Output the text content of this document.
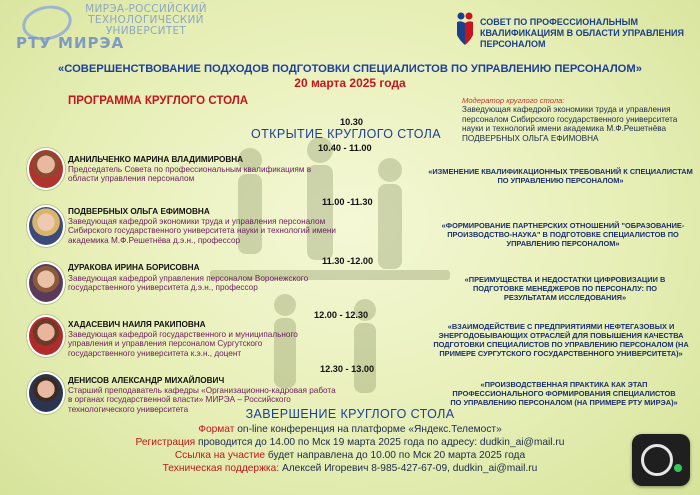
МИРЭА-РОССИЙСКИЙ ТЕХНОЛОГИЧЕСКИЙ УНИВЕРСИТЕТ
РТУ МИРЭА
СОВЕТ ПО ПРОФЕССИОНАЛЬНЫМ КВАЛИФИКАЦИЯМ В ОБЛАСТИ УПРАВЛЕНИЯ ПЕРСОНАЛОМ
«СОВЕРШЕНСТВОВАНИЕ ПОДХОДОВ ПОДГОТОВКИ СПЕЦИАЛИСТОВ ПО УПРАВЛЕНИЮ ПЕРСОНАЛОМ»
20 марта 2025 года
ПРОГРАММА КРУГЛОГО СТОЛА	Модератор круглого стола:
Заведующая кафедрой экономики труда и управления персоналом Сибирского государственного университета науки и технологий имени академика М.Ф.Решетнёва
ПОДВЕРБНЫХ ОЛЬГА ЕФИМОВНА
10.30
ОТКРЫТИЕ КРУГЛОГО СТОЛА
10.40 - 11.00
ДАНИЛЬЧЕНКО МАРИНА ВЛАДИМИРОВНА
Председатель Совета по профессиональным квалификациям в области управления персоналом
«ИЗМЕНЕНИЕ КВАЛИФИКАЦИОННЫХ ТРЕБОВАНИЙ К СПЕЦИАЛИСТАМ ПО УПРАВЛЕНИЮ ПЕРСОНАЛОМ»
11.00 -11.30
ПОДВЕРБНЫХ ОЛЬГА ЕФИМОВНА
Заведующая кафедрой экономики труда и управления персоналом Сибирского государственного университета науки и технологий имени академика М.Ф.Решетнёва д.э.н., профессор
«ФОРМИРОВАНИЕ ПАРТНЕРСКИХ ОТНОШЕНИЙ "ОБРАЗОВАНИЕ-ПРОИЗВОДСТВО-НАУКА" В ПОДГОТОВКЕ СПЕЦИАЛИСТОВ ПО УПРАВЛЕНИЮ ПЕРСОНАЛОМ»
11.30 -12.00
ДУРАКОВА ИРИНА БОРИСОВНА
Заведующая кафедрой управления персоналом Воронежского государственного университета д.э.н., профессор
«ПРЕИМУЩЕСТВА И НЕДОСТАТКИ ЦИФРОВИЗАЦИИ В ПОДГОТОВКЕ МЕНЕДЖЕРОВ ПО ПЕРСОНАЛУ: ПО РЕЗУЛЬТАТАМ ИССЛЕДОВАНИЯ»
12.00 - 12.30
ХАДАСЕВИЧ НАИЛЯ РАКИПОВНА
Заведующая кафедрой государственного и муниципального управления и управления персоналом Сургутского государственного университета к.э.н., доцент
«ВЗАИМОДЕЙСТВИЕ С ПРЕДПРИЯТИЯМИ НЕФТЕГАЗОВЫХ И ЭНЕРГОДОБЫВАЮЩИХ ОТРАСЛЕЙ ДЛЯ ПОВЫШЕНИЯ КАЧЕСТВА ПОДГОТОВКИ СПЕЦИАЛИСТОВ ПО УПРАВЛЕНИЮ ПЕРСОНАЛОМ (НА ПРИМЕРЕ СУРГУТСКОГО ГОСУДАРСТВЕННОГО УНИВЕРСИТЕТА)»
12.30 - 13.00
ДЕНИСОВ АЛЕКСАНДР МИХАЙЛОВИЧ
Старший преподаватель кафедры «Организационно-кадровая работа в органах государственной власти» МИРЭА – Российского технологического университета
«ПРОИЗВОДСТВЕННАЯ ПРАКТИКА КАК ЭТАП ПРОФЕССИОНАЛЬНОГО ФОРМИРОВАНИЯ СПЕЦИАЛИСТОВ ПО УПРАВЛЕНИЮ ПЕРСОНАЛОМ (НА ПРИМЕРЕ РТУ МИРЭА)»
ЗАВЕРШЕНИЕ КРУГЛОГО СТОЛА
Формат on-line конференция на платформе «Яндекс.Телемост»
Регистрация проводится до 14.00 по Мск 19 марта 2025 года по адресу: dudkin_ai@mail.ru
Ссылка на участие будет направлена до 10.00 по Мск 20 марта 2025 года
Техническая поддержка: Алексей Игоревич 8-985-427-67-09, dudkin_ai@mail.ru
